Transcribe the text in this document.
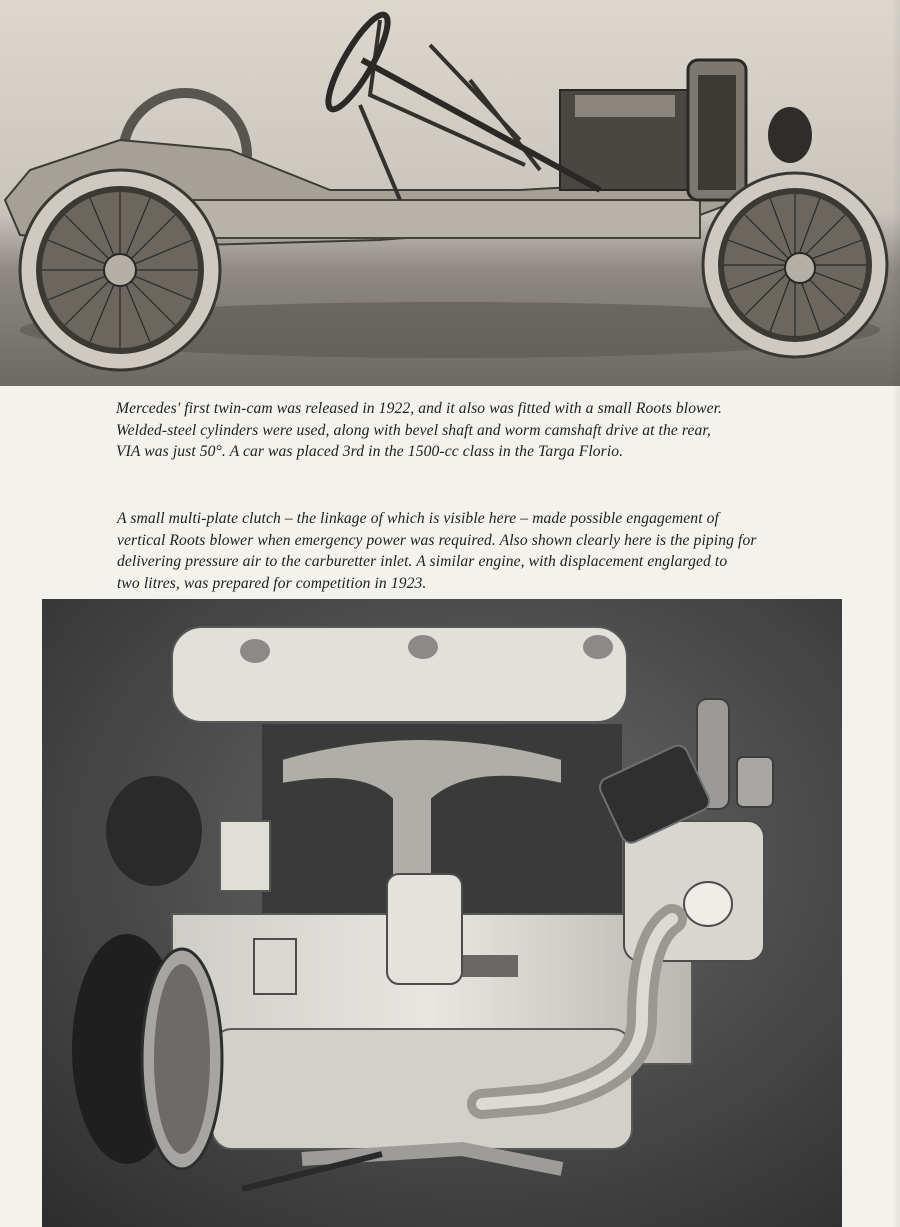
Mercedes' first twin-cam was released in 1922, and it also was fitted with a small Roots blower.
Welded-steel cylinders were used, along with bevel shaft and worm camshaft drive at the rear,
VIA was just 50°. A car was placed 3rd in the 1500-cc class in the Targa Florio.

A small multi-plate clutch – the linkage of which is visible here – made possible engagement of
vertical Roots blower when emergency power was required. Also shown clearly here is the piping for
delivering pressure air to the carburetter inlet. A similar engine, with displacement englarged to
two litres, was prepared for competition in 1923.
